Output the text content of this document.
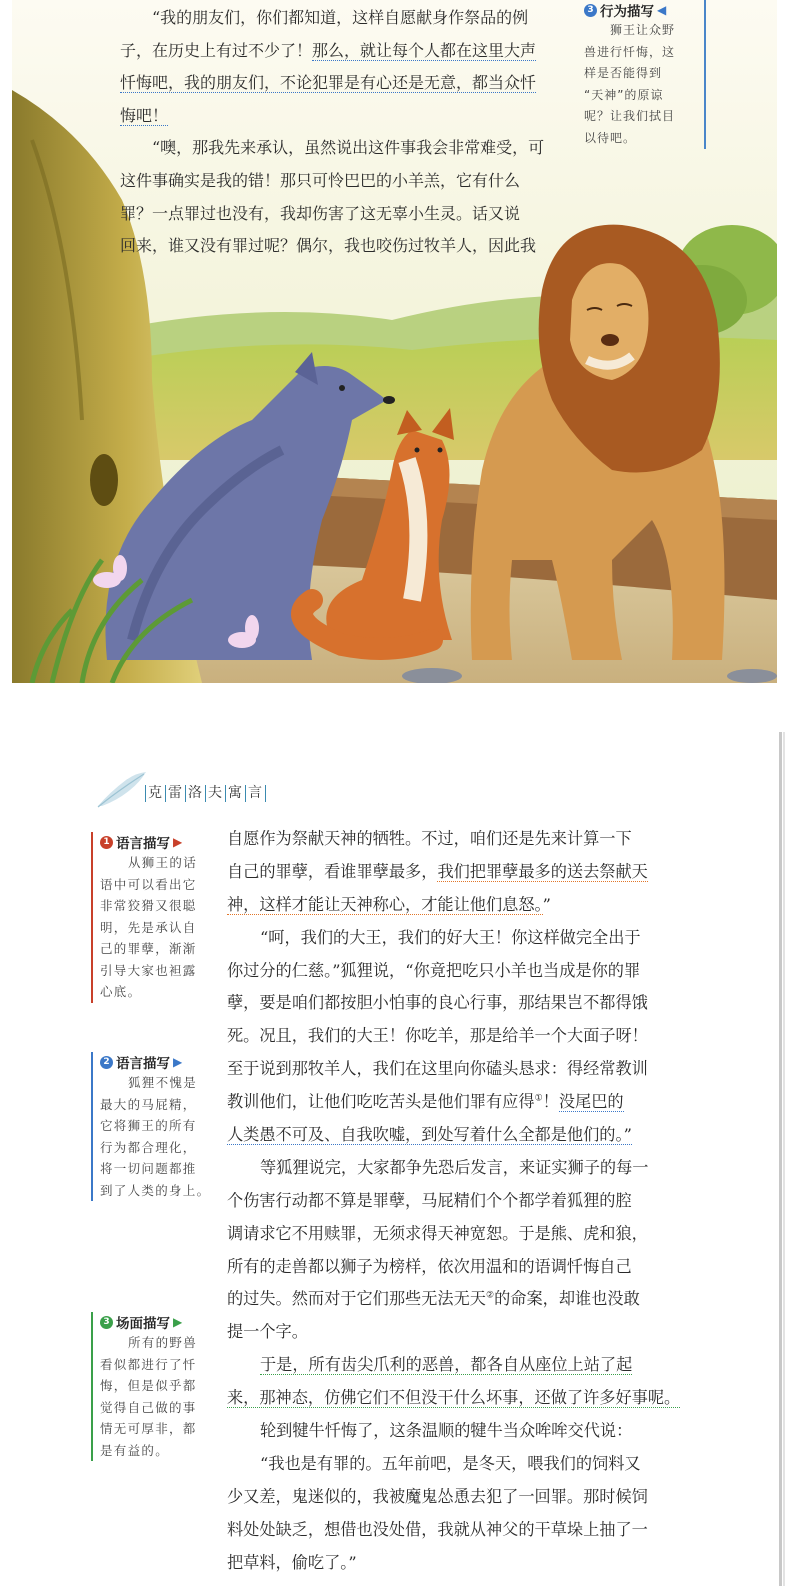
　　“我的朋友们，你们都知道，这样自愿献身作祭品的例
子，在历史上有过不少了！那么，就让每个人都在这里大声
忏悔吧，我的朋友们，不论犯罪是有心还是无意，都当众忏
悔吧！
　　“噢，那我先来承认，虽然说出这件事我会非常难受，可
这件事确实是我的错！那只可怜巴巴的小羊羔，它有什么
罪？一点罪过也没有，我却伤害了这无辜小生灵。话又说
回来，谁又没有罪过呢？偶尔，我也咬伤过牧羊人，因此我
3 行为描写 ◀
狮王让众野
兽进行忏悔，这
样是否能得到
“天神”的原谅
呢？让我们拭目
以待吧。
克 雷 洛 夫 寓 言
1 语言描写 ▶
从狮王的话
语中可以看出它
非常狡猾又很聪
明，先是承认自
己的罪孽，渐渐
引导大家也袒露
心底。
2 语言描写 ▶
狐狸不愧是
最大的马屁精，
它将狮王的所有
行为都合理化，
将一切问题都推
到了人类的身上。
3 场面描写 ▶
所有的野兽
看似都进行了忏
悔，但是似乎都
觉得自己做的事
情无可厚非，都
是有益的。
自愿作为祭献天神的牺牲。不过，咱们还是先来计算一下
自己的罪孽，看谁罪孽最多，我们把罪孽最多的送去祭献天
神，这样才能让天神称心，才能让他们息怒。”
“呵，我们的大王，我们的好大王！你这样做完全出于
你过分的仁慈。”狐狸说，“你竟把吃只小羊也当成是你的罪
孽，要是咱们都按胆小怕事的良心行事，那结果岂不都得饿
死。况且，我们的大王！你吃羊，那是给羊一个大面子呀！
至于说到那牧羊人，我们在这里向你磕头恳求：得经常教训
教训他们，让他们吃吃苦头是他们罪有应得①！没尾巴的
人类愚不可及、自我吹嘘，到处写着什么全都是他们的。”
等狐狸说完，大家都争先恐后发言，来证实狮子的每一
个伤害行动都不算是罪孽，马屁精们个个都学着狐狸的腔
调请求它不用赎罪，无须求得天神宽恕。于是熊、虎和狼，
所有的走兽都以狮子为榜样，依次用温和的语调忏悔自己
的过失。然而对于它们那些无法无天②的命案，却谁也没敢
提一个字。
于是，所有齿尖爪利的恶兽，都各自从座位上站了起
来，那神态，仿佛它们不但没干什么坏事，还做了许多好事呢。
轮到犍牛忏悔了，这条温顺的犍牛当众哞哞交代说：
“我也是有罪的。五年前吧，是冬天，喂我们的饲料又
少又差，鬼迷似的，我被魔鬼怂恿去犯了一回罪。那时候饲
料处处缺乏，想借也没处借，我就从神父的干草垛上抽了一
把草料，偷吃了。”
